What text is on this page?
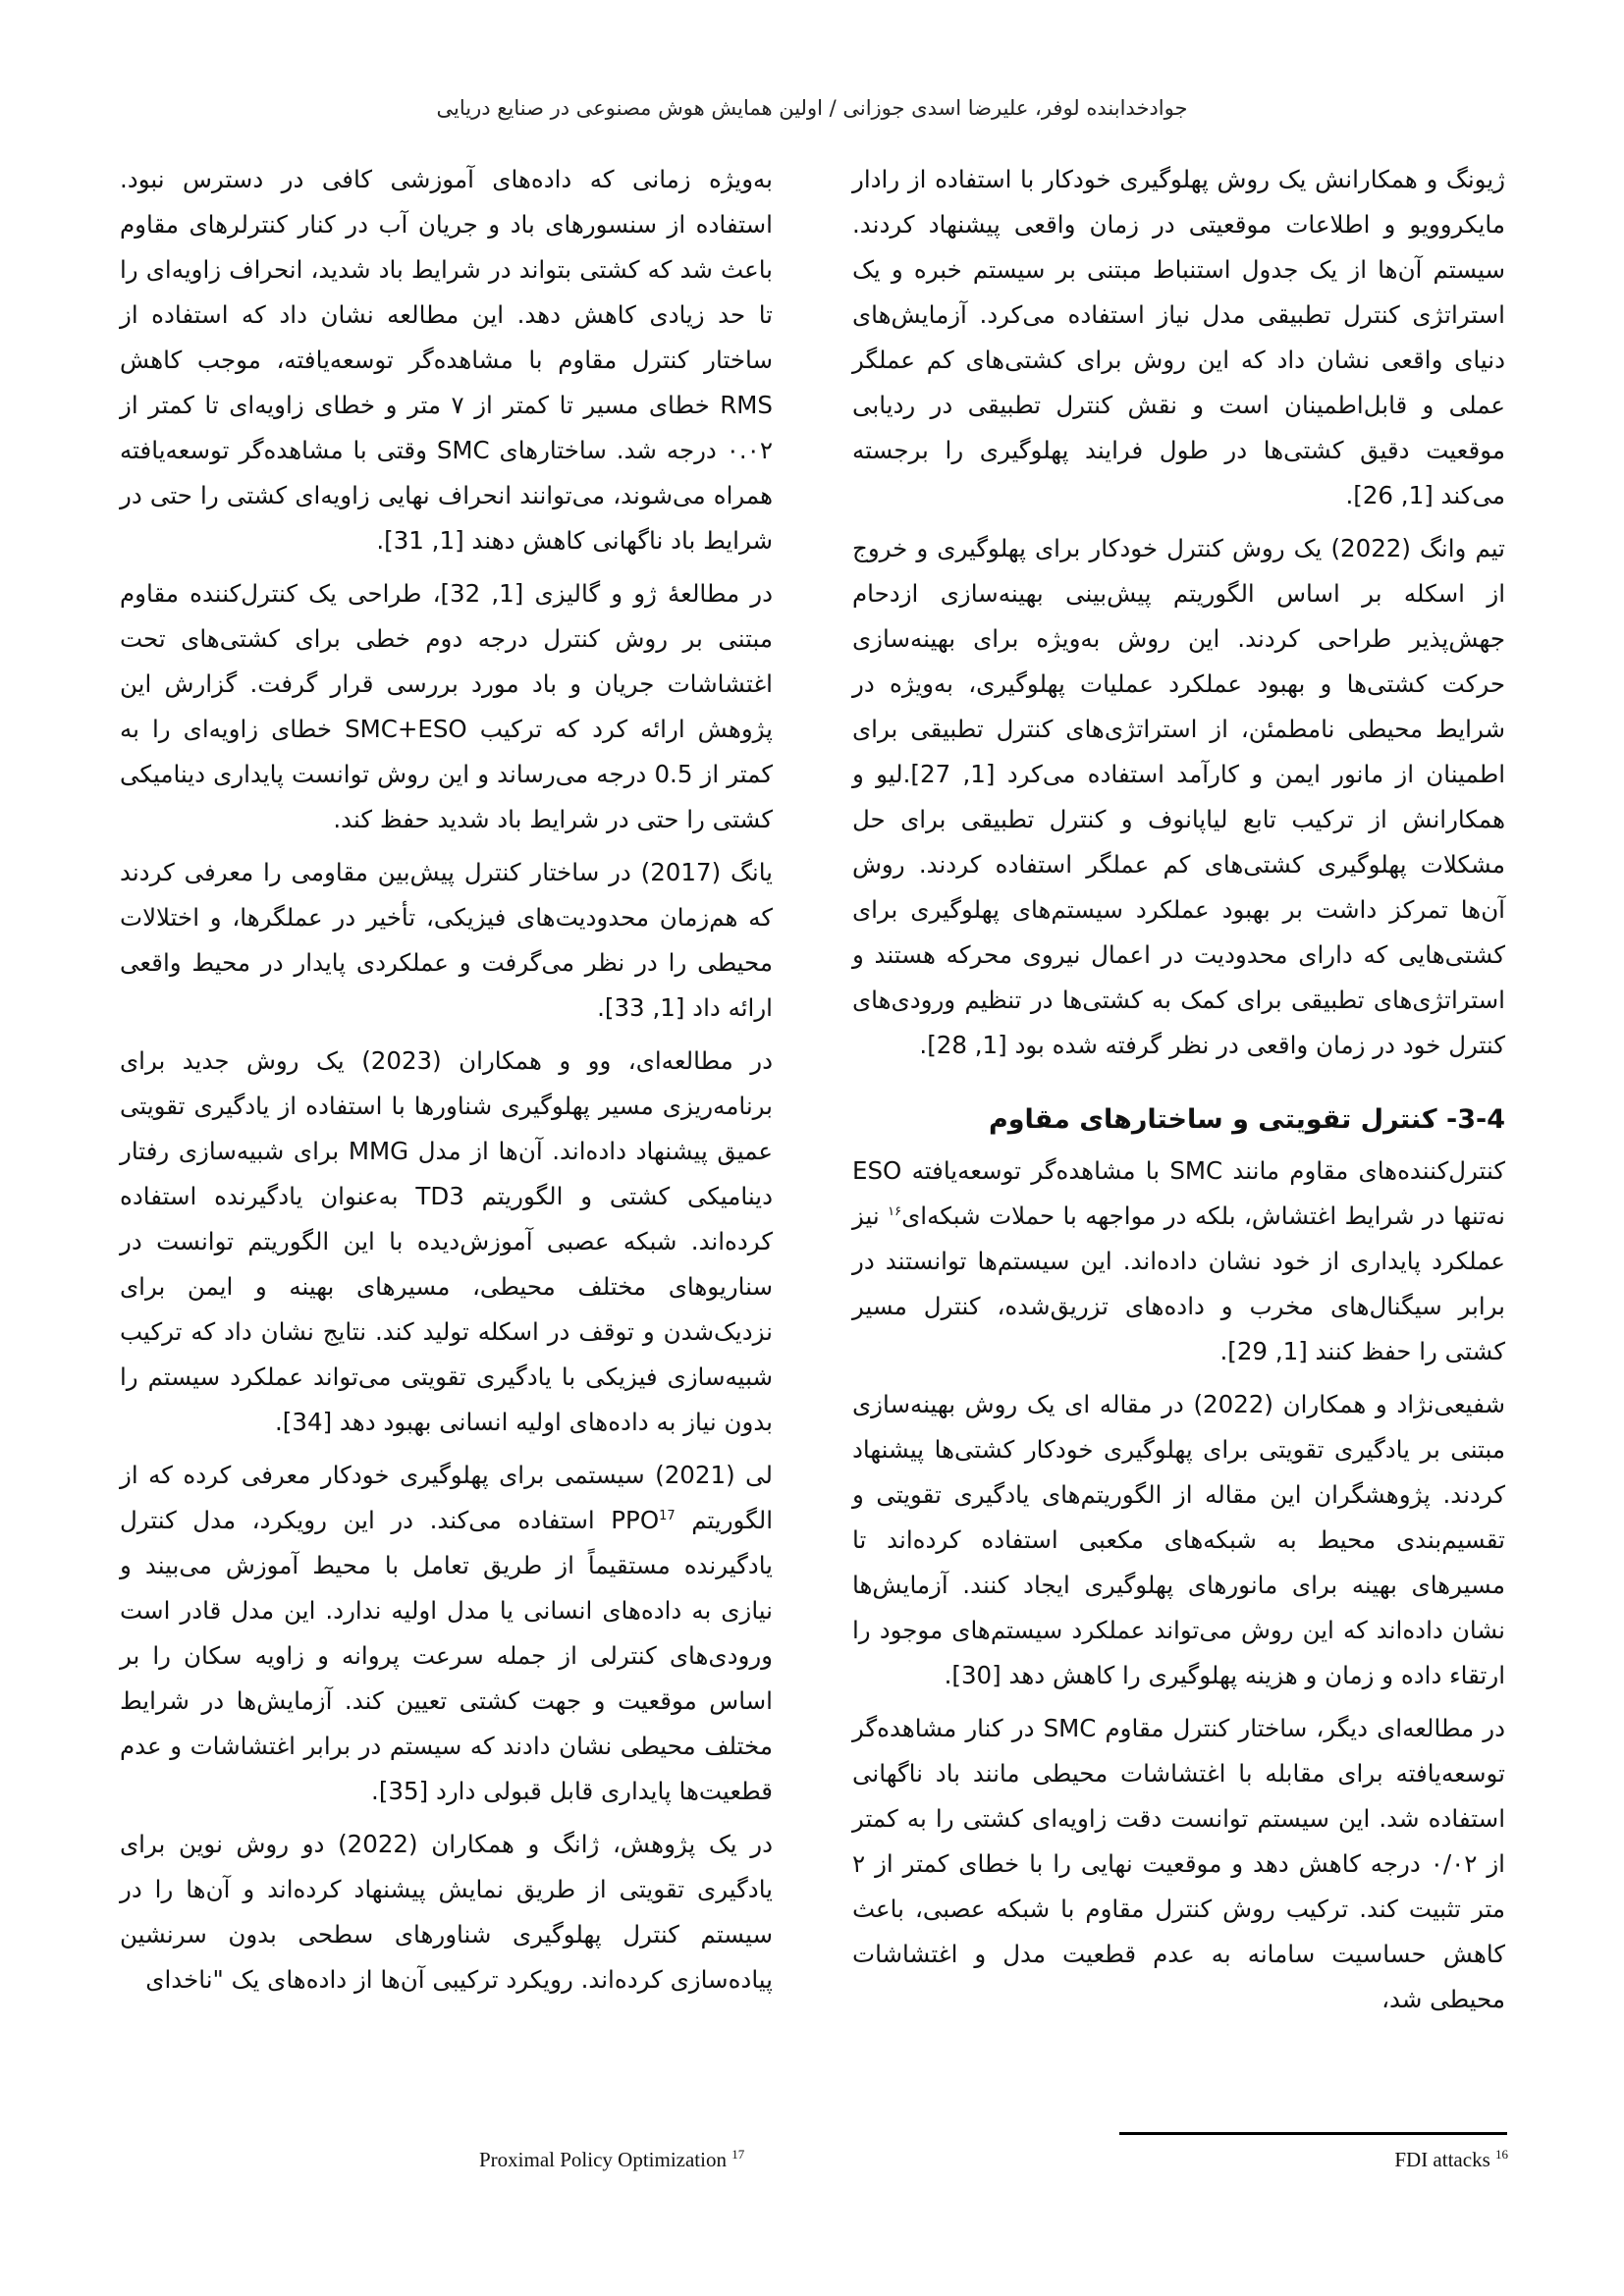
جوادخدابنده لوفر، علیرضا اسدی جوزانی / اولین همایش هوش مصنوعی در صنایع دریایی

ژیونگ و همکارانش یک روش پهلوگیری خودکار با استفاده از رادار مایکروویو و اطلاعات موقعیتی در زمان واقعی پیشنهاد کردند. سیستم آن‌ها از یک جدول استنباط مبتنی بر سیستم خبره و یک استراتژی کنترل تطبیقی مدل نیاز استفاده می‌کرد. آزمایش‌های دنیای واقعی نشان داد که این روش برای کشتی‌های کم عملگر عملی و قابل‌اطمینان است و نقش کنترل تطبیقی در ردیابی موقعیت دقیق کشتی‌ها در طول فرایند پهلوگیری را برجسته می‌کند [1, 26].

تیم وانگ (2022) یک روش کنترل خودکار برای پهلوگیری و خروج از اسکله بر اساس الگوریتم پیش‌بینی بهینه‌سازی ازدحام جهش‌پذیر طراحی کردند. این روش به‌ویژه برای بهینه‌سازی حرکت کشتی‌ها و بهبود عملکرد عملیات پهلوگیری، به‌ویژه در شرایط محیطی نامطمئن، از استراتژی‌های کنترل تطبیقی برای اطمینان از مانور ایمن و کارآمد استفاده می‌کرد [1, 27].لیو و همکارانش از ترکیب تابع لیاپانوف و کنترل تطبیقی برای حل مشکلات پهلوگیری کشتی‌های کم عملگر استفاده کردند. روش آن‌ها تمرکز داشت بر بهبود عملکرد سیستم‌های پهلوگیری برای کشتی‌هایی که دارای محدودیت در اعمال نیروی محرکه هستند و استراتژی‌های تطبیقی برای کمک به کشتی‌ها در تنظیم ورودی‌های کنترل خود در زمان واقعی در نظر گرفته شده بود [1, 28].

3-4- کنترل تقویتی و ساختارهای مقاوم

کنترل‌کننده‌های مقاوم مانند SMC با مشاهده‌گر توسعه‌یافته ESO نه‌تنها در شرایط اغتشاش، بلکه در مواجهه با حملات شبکه‌ای$^{۱۶}$ نیز عملکرد پایداری از خود نشان داده‌اند. این سیستم‌ها توانستند در برابر سیگنال‌های مخرب و داده‌های تزریق‌شده، کنترل مسیر کشتی را حفظ کنند [1, 29].

شفیعی‌نژاد و همکاران (2022) در مقاله ای یک روش بهینه‌سازی مبتنی بر یادگیری تقویتی برای پهلوگیری خودکار کشتی‌ها پیشنهاد کردند. پژوهشگران این مقاله از الگوریتم‌های یادگیری تقویتی و تقسیم‌بندی محیط به شبکه‌های مکعبی استفاده کرده‌اند تا مسیرهای بهینه برای مانورهای پهلوگیری ایجاد کنند. آزمایش‌ها نشان داده‌اند که این روش می‌تواند عملکرد سیستم‌های موجود را ارتقاء داده و زمان و هزینه پهلوگیری را کاهش دهد [30].

در مطالعه‌ای دیگر، ساختار کنترل مقاوم SMC در کنار مشاهده‌گر توسعه‌یافته برای مقابله با اغتشاشات محیطی مانند باد ناگهانی استفاده شد. این سیستم توانست دقت زاویه‌ای کشتی را به کمتر از ۰/۰۲ درجه کاهش دهد و موقعیت نهایی را با خطای کمتر از ۲ متر تثبیت کند. ترکیب روش کنترل مقاوم با شبکه عصبی، باعث کاهش حساسیت سامانه به عدم قطعیت مدل و اغتشاشات محیطی شد،

به‌ویژه زمانی که داده‌های آموزشی کافی در دسترس نبود. استفاده از سنسورهای باد و جریان آب در کنار کنترلرهای مقاوم باعث شد که کشتی بتواند در شرایط باد شدید، انحراف زاویه‌ای را تا حد زیادی کاهش دهد. این مطالعه نشان داد که استفاده از ساختار کنترل مقاوم با مشاهده‌گر توسعه‌یافته، موجب کاهش RMS خطای مسیر تا کمتر از ۷ متر و خطای زاویه‌ای تا کمتر از ۰.۰۲ درجه شد. ساختارهای SMC وقتی با مشاهده‌گر توسعه‌یافته همراه می‌شوند، می‌توانند انحراف نهایی زاویه‌ای کشتی را حتی در شرایط باد ناگهانی کاهش دهند [1, 31].

در مطالعهٔ ژو و گالیزی [1, 32]، طراحی یک کنترل‌کننده مقاوم مبتنی بر روش کنترل درجه دوم خطی برای کشتی‌های تحت اغتشاشات جریان و باد مورد بررسی قرار گرفت. گزارش این پژوهش ارائه کرد که ترکیب SMC+ESO خطای زاویه‌ای را به کمتر از 0.5 درجه می‌رساند و این روش توانست پایداری دینامیکی کشتی را حتی در شرایط باد شدید حفظ کند.

یانگ (2017) در ساختار کنترل پیش‌بین مقاومی را معرفی کردند که هم‌زمان محدودیت‌های فیزیکی، تأخیر در عملگرها، و اختلالات محیطی را در نظر می‌گرفت و عملکردی پایدار در محیط واقعی ارائه داد [1, 33].

در مطالعه‌ای، وو و همکاران (2023) یک روش جدید برای برنامه‌ریزی مسیر پهلوگیری شناورها با استفاده از یادگیری تقویتی عمیق پیشنهاد داده‌اند. آن‌ها از مدل MMG برای شبیه‌سازی رفتار دینامیکی کشتی و الگوریتم TD3 به‌عنوان یادگیرنده استفاده کرده‌اند. شبکه عصبی آموزش‌دیده با این الگوریتم توانست در سناریوهای مختلف محیطی، مسیرهای بهینه و ایمن برای نزدیک‌شدن و توقف در اسکله تولید کند. نتایج نشان داد که ترکیب شبیه‌سازی فیزیکی با یادگیری تقویتی می‌تواند عملکرد سیستم را بدون نیاز به داده‌های اولیه انسانی بهبود دهد [34].

لی (2021) سیستمی برای پهلوگیری خودکار معرفی کرده که از الگوریتم PPO$^{17}$ استفاده می‌کند. در این رویکرد، مدل کنترل یادگیرنده مستقیماً از طریق تعامل با محیط آموزش می‌بیند و نیازی به داده‌های انسانی یا مدل اولیه ندارد. این مدل قادر است ورودی‌های کنترلی از جمله سرعت پروانه و زاویه سکان را بر اساس موقعیت و جهت کشتی تعیین کند. آزمایش‌ها در شرایط مختلف محیطی نشان دادند که سیستم در برابر اغتشاشات و عدم قطعیت‌ها پایداری قابل قبولی دارد [35].

در یک پژوهش، ژانگ و همکاران (2022) دو روش نوین برای یادگیری تقویتی از طریق نمایش پیشنهاد کرده‌اند و آن‌ها را در سیستم کنترل پهلوگیری شناورهای سطحی بدون سرنشین پیاده‌سازی کرده‌اند. رویکرد ترکیبی آن‌ها از داده‌های یک "ناخدای

FDI attacks $^{16}$
Proximal Policy Optimization $^{17}$
